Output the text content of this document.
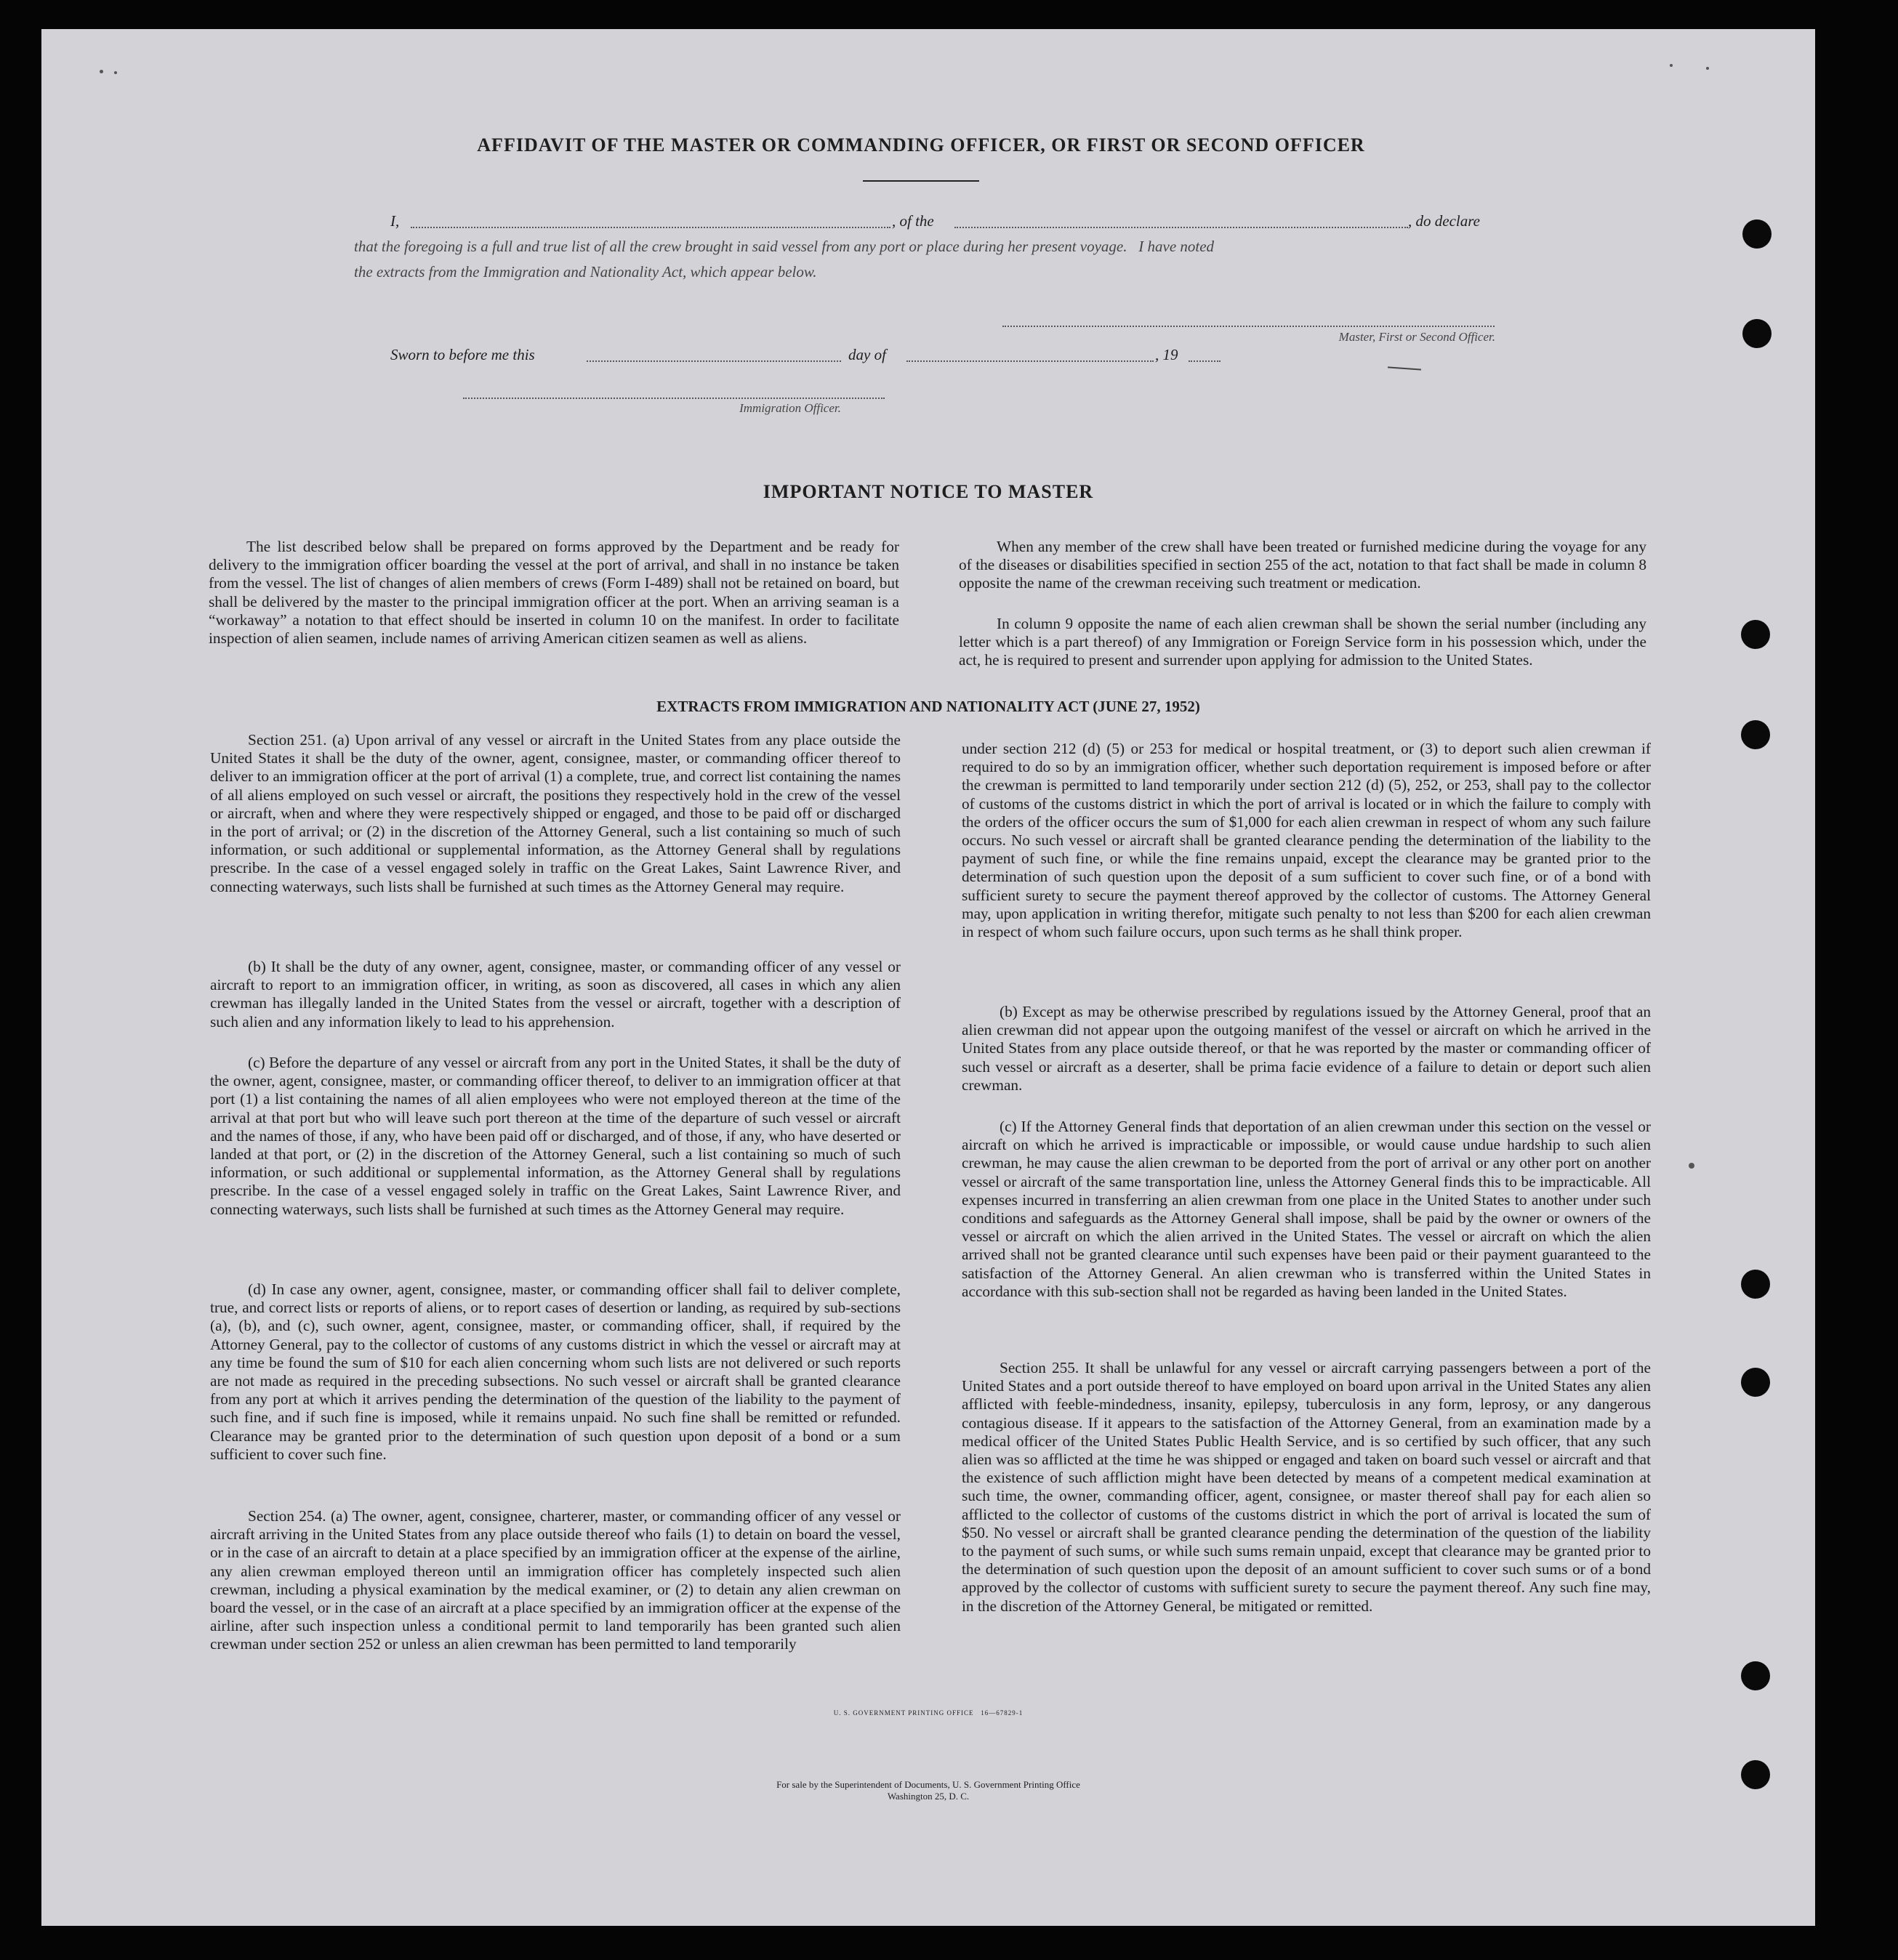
AFFIDAVIT OF THE MASTER OR COMMANDING OFFICER, OR FIRST OR SECOND OFFICER
I,	, of the	, do declare
that the foregoing is a full and true list of all the crew brought in said vessel from any port or place during her present voyage.   I have noted
the extracts from the Immigration and Nationality Act, which appear below.
Master, First or Second Officer.
Sworn to before me this	day of	, 19
Immigration Officer.
IMPORTANT NOTICE TO MASTER

The list described below shall be prepared on forms approved by the Department and be ready for delivery to the immigration officer boarding the vessel at the port of arrival, and shall in no instance be taken from the vessel. The list of changes of alien members of crews (Form I-489) shall not be retained on board, but shall be delivered by the master to the principal immigration officer at the port. When an arriving seaman is a “workaway” a notation to that effect should be inserted in column 10 on the manifest. In order to facilitate inspection of alien seamen, include names of arriving American citizen seamen as well as aliens.

When any member of the crew shall have been treated or furnished medicine during the voyage for any of the diseases or disabilities specified in section 255 of the act, notation to that fact shall be made in column 8 opposite the name of the crewman receiving such treatment or medication.

In column 9 opposite the name of each alien crewman shall be shown the serial number (including any letter which is a part thereof) of any Immigration or Foreign Service form in his possession which, under the act, he is required to present and surrender upon applying for admission to the United States.

EXTRACTS FROM IMMIGRATION AND NATIONALITY ACT (JUNE 27, 1952)

Section 251. (a) Upon arrival of any vessel or aircraft in the United States from any place outside the United States it shall be the duty of the owner, agent, consignee, master, or commanding officer thereof to deliver to an immigration officer at the port of arrival (1) a complete, true, and correct list containing the names of all aliens employed on such vessel or aircraft, the positions they respectively hold in the crew of the vessel or aircraft, when and where they were respectively shipped or engaged, and those to be paid off or discharged in the port of arrival; or (2) in the discretion of the Attorney General, such a list containing so much of such information, or such additional or supplemental information, as the Attorney General shall by regulations prescribe. In the case of a vessel engaged solely in traffic on the Great Lakes, Saint Lawrence River, and connecting waterways, such lists shall be furnished at such times as the Attorney General may require.

(b) It shall be the duty of any owner, agent, consignee, master, or commanding officer of any vessel or aircraft to report to an immigration officer, in writing, as soon as discovered, all cases in which any alien crewman has illegally landed in the United States from the vessel or aircraft, together with a description of such alien and any information likely to lead to his apprehension.

(c) Before the departure of any vessel or aircraft from any port in the United States, it shall be the duty of the owner, agent, consignee, master, or commanding officer thereof, to deliver to an immigration officer at that port (1) a list containing the names of all alien employees who were not employed thereon at the time of the arrival at that port but who will leave such port thereon at the time of the departure of such vessel or aircraft and the names of those, if any, who have been paid off or discharged, and of those, if any, who have deserted or landed at that port, or (2) in the discretion of the Attorney General, such a list containing so much of such information, or such additional or supplemental information, as the Attorney General shall by regulations prescribe. In the case of a vessel engaged solely in traffic on the Great Lakes, Saint Lawrence River, and connecting waterways, such lists shall be furnished at such times as the Attorney General may require.

(d) In case any owner, agent, consignee, master, or commanding officer shall fail to deliver complete, true, and correct lists or reports of aliens, or to report cases of desertion or landing, as required by sub-sections (a), (b), and (c), such owner, agent, consignee, master, or commanding officer, shall, if required by the Attorney General, pay to the collector of customs of any customs district in which the vessel or aircraft may at any time be found the sum of $10 for each alien concerning whom such lists are not delivered or such reports are not made as required in the preceding subsections. No such vessel or aircraft shall be granted clearance from any port at which it arrives pending the determination of the question of the liability to the payment of such fine, and if such fine is imposed, while it remains unpaid. No such fine shall be remitted or refunded. Clearance may be granted prior to the determination of such question upon deposit of a bond or a sum sufficient to cover such fine.

Section 254. (a) The owner, agent, consignee, charterer, master, or commanding officer of any vessel or aircraft arriving in the United States from any place outside thereof who fails (1) to detain on board the vessel, or in the case of an aircraft to detain at a place specified by an immigration officer at the expense of the airline, any alien crewman employed thereon until an immigration officer has completely inspected such alien crewman, including a physical examination by the medical examiner, or (2) to detain any alien crewman on board the vessel, or in the case of an aircraft at a place specified by an immigration officer at the expense of the airline, after such inspection unless a conditional permit to land temporarily has been granted such alien crewman under section 252 or unless an alien crewman has been permitted to land temporarily

under section 212 (d) (5) or 253 for medical or hospital treatment, or (3) to deport such alien crewman if required to do so by an immigration officer, whether such deportation requirement is imposed before or after the crewman is permitted to land temporarily under section 212 (d) (5), 252, or 253, shall pay to the collector of customs of the customs district in which the port of arrival is located or in which the failure to comply with the orders of the officer occurs the sum of $1,000 for each alien crewman in respect of whom any such failure occurs. No such vessel or aircraft shall be granted clearance pending the determination of the liability to the payment of such fine, or while the fine remains unpaid, except the clearance may be granted prior to the determination of such question upon the deposit of a sum sufficient to cover such fine, or of a bond with sufficient surety to secure the payment thereof approved by the collector of customs. The Attorney General may, upon application in writing therefor, mitigate such penalty to not less than $200 for each alien crewman in respect of whom such failure occurs, upon such terms as he shall think proper.

(b) Except as may be otherwise prescribed by regulations issued by the Attorney General, proof that an alien crewman did not appear upon the outgoing manifest of the vessel or aircraft on which he arrived in the United States from any place outside thereof, or that he was reported by the master or commanding officer of such vessel or aircraft as a deserter, shall be prima facie evidence of a failure to detain or deport such alien crewman.

(c) If the Attorney General finds that deportation of an alien crewman under this section on the vessel or aircraft on which he arrived is impracticable or impossible, or would cause undue hardship to such alien crewman, he may cause the alien crewman to be deported from the port of arrival or any other port on another vessel or aircraft of the same transportation line, unless the Attorney General finds this to be impracticable. All expenses incurred in transferring an alien crewman from one place in the United States to another under such conditions and safeguards as the Attorney General shall impose, shall be paid by the owner or owners of the vessel or aircraft on which the alien arrived in the United States. The vessel or aircraft on which the alien arrived shall not be granted clearance until such expenses have been paid or their payment guaranteed to the satisfaction of the Attorney General. An alien crewman who is transferred within the United States in accordance with this sub-section shall not be regarded as having been landed in the United States.

Section 255. It shall be unlawful for any vessel or aircraft carrying passengers between a port of the United States and a port outside thereof to have employed on board upon arrival in the United States any alien afflicted with feeble-mindedness, insanity, epilepsy, tuberculosis in any form, leprosy, or any dangerous contagious disease. If it appears to the satisfaction of the Attorney General, from an examination made by a medical officer of the United States Public Health Service, and is so certified by such officer, that any such alien was so afflicted at the time he was shipped or engaged and taken on board such vessel or aircraft and that the existence of such affliction might have been detected by means of a competent medical examination at such time, the owner, commanding officer, agent, consignee, or master thereof shall pay for each alien so afflicted to the collector of customs of the customs district in which the port of arrival is located the sum of $50. No vessel or aircraft shall be granted clearance pending the determination of the question of the liability to the payment of such sums, or while such sums remain unpaid, except that clearance may be granted prior to the determination of such question upon the deposit of an amount sufficient to cover such sums or of a bond approved by the collector of customs with sufficient surety to secure the payment thereof. Any such fine may, in the discretion of the Attorney General, be mitigated or remitted.

U. S. GOVERNMENT PRINTING OFFICE   16—67829-1
For sale by the Superintendent of Documents, U. S. Government Printing Office
Washington 25, D. C.
